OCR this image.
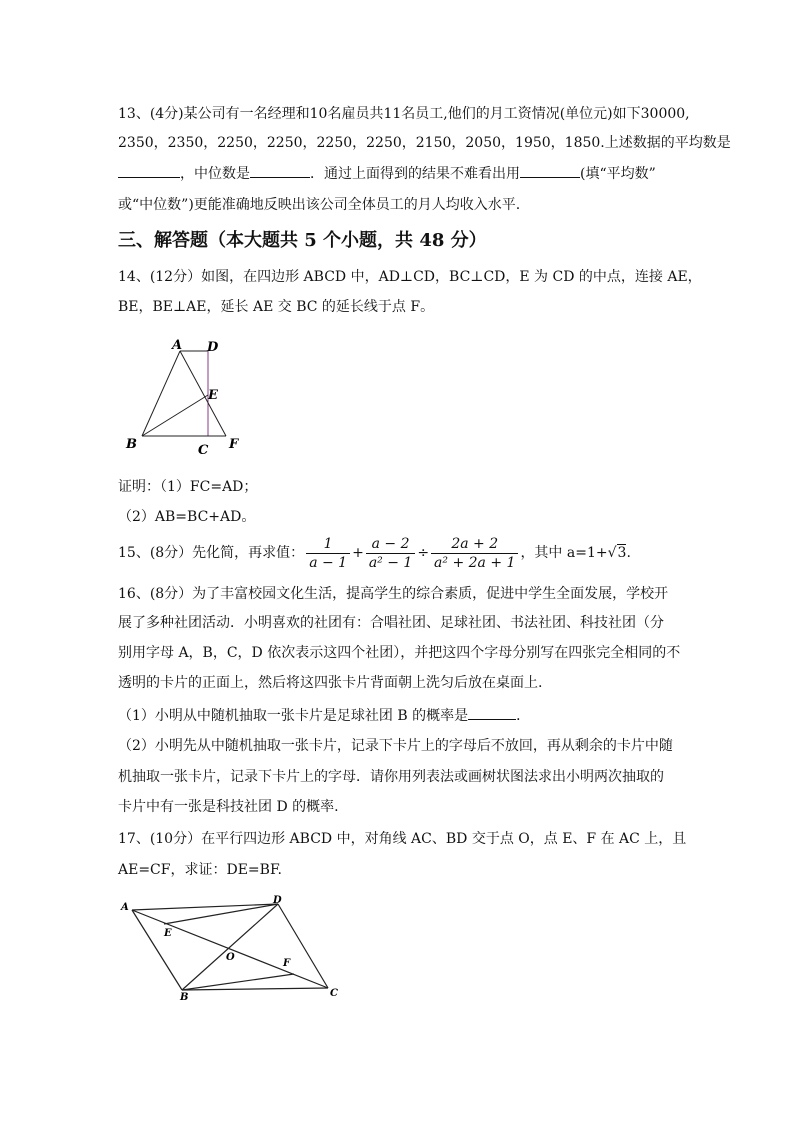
13、(4分)某公司有一名经理和10名雇员共11名员工,他们的月工资情况(单位元)如下30000,
2350，2350，2250，2250，2250，2250，2150，2050，1950，1850.上述数据的平均数是
，中位数是	．通过上面得到的结果不难看出用	(填“平均数”
或“中位数”)更能准确地反映出该公司全体员工的月人均收入水平.
三、解答题（本大题共 5 个小题，共 48 分）
14、(12分）如图，在四边形 ABCD 中，AD⊥CD，BC⊥CD，E 为 CD 的中点，连接 AE，
BE，BE⊥AE，延长 AE 交 BC 的延长线于点 F。
A D
E
B	C F
证明：（1）FC=AD；
（2）AB=BC+AD。
15、(8分）先化简，再求值： $\frac{1}{a - 1} + \frac{a - 2}{\text{a² − 1}} \div \frac{2a + 2}{\text{a² + 2a + 1}}$ ，其中 a=1+√3.
16、(8分）为了丰富校园文化生活，提高学生的综合素质，促进中学生全面发展，学校开
展了多种社团活动．小明喜欢的社团有：合唱社团、足球社团、书法社团、科技社团（分
别用字母 A，B，C，D 依次表示这四个社团），并把这四个字母分别写在四张完全相同的不
透明的卡片的正面上，然后将这四张卡片背面朝上洗匀后放在桌面上.
（1）小明从中随机抽取一张卡片是足球社团 B 的概率是	．
（2）小明先从中随机抽取一张卡片，记录下卡片上的字母后不放回，再从剩余的卡片中随
机抽取一张卡片，记录下卡片上的字母．请你用列表法或画树状图法求出小明两次抽取的
卡片中有一张是科技社团 D 的概率.
17、(10分）在平行四边形 ABCD 中，对角线 AC、BD 交于点 O，点 E、F 在 AC 上，且
AE=CF，求证：DE=BF.
A
D
E
O
F
B	C
